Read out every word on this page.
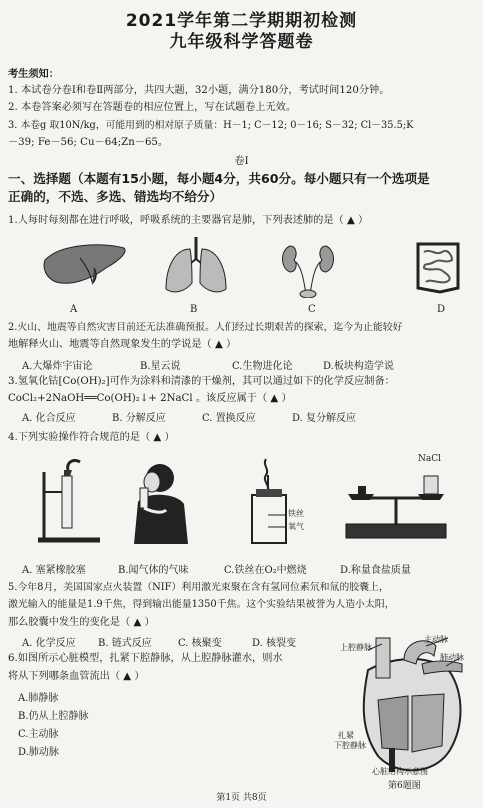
2021学年第二学期期初检测
九年级科学答题卷
考生须知：
1. 本试卷分卷Ⅰ和卷Ⅱ两部分，共四大题，32小题，满分180分，考试时间120分钟。
2. 本卷答案必须写在答题卷的相应位置上，写在试题卷上无效。
3. 本卷g 取10N/kg，可能用到的相对原子质量：H－1; C－12; 0－16; S－32; Cl－35.5;K
－39; Fe－56; Cu－64;Zn－65。
卷Ⅰ
一、选择题（本题有15小题，每小题4分，共60分。每小题只有一个选项是
正确的，不选、多选、错选均不给分）
1.人每时每刻都在进行呼吸，呼吸系统的主要器官是肺，下列表述肺的是（ ▲ ）
A	B	C	D
2.火山、地震等自然灾害目前还无法准确预报。人们经过长期艰苦的探索，迄今为止能较好
地解释火山、地震等自然现象发生的学说是（ ▲ ）
A.大爆炸宇宙论	B.星云说	C.生物进化论	D.板块构造学说
3.氢氧化钴[Co(OH)₂]可作为涂料和清漆的干燥剂，其可以通过如下的化学反应制备：
CoCl₂+2NaOH══Co(OH)₂↓+ 2NaCl 。该反应属于（ ▲ ）
A. 化合反应	B. 分解反应	C. 置换反应	D. 复分解反应
4.下列实验操作符合规范的是（ ▲ ）
铁丝
氧气
NaCl
A. 塞紧橡胶塞	B.闻气体的气味	C.铁丝在O₂中燃烧	D.称量食盐质量
5.今年8月，美国国家点火装置（NIF）利用激光束聚在含有氢同位素氘和氚的胶囊上，
激光输入的能量是1.9千焦，得到输出能量1350千焦。这个实验结果被誉为人造小太阳，
那么胶囊中发生的变化是（ ▲ ）
A. 化学反应 B. 链式反应	C. 核聚变	D. 核裂变
6.如图所示心脏模型，扎紧下腔静脉，从上腔静脉灌水，则水
将从下列哪条血管流出（ ▲ ）
A.肺静脉
B.仍从上腔静脉
C.主动脉
D.肺动脉
上腔静脉
主动脉
肺动脉
扎紧
下腔静脉
心脏结构示意图
第6题图
第1页 共8页
